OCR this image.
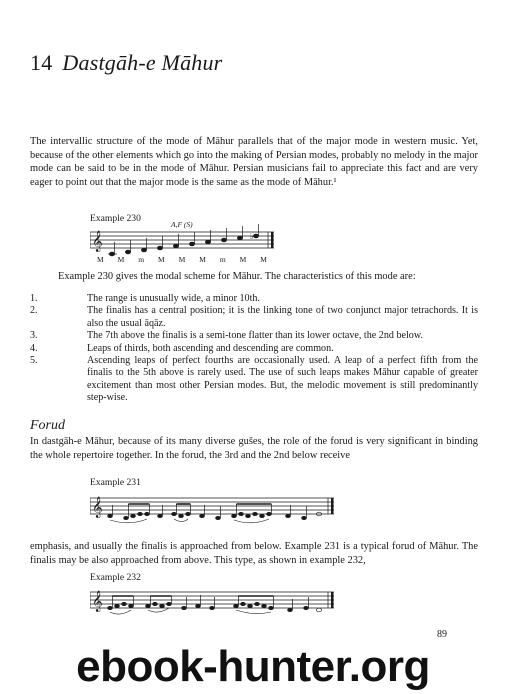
14 Dastgāh-e Māhur

The intervallic structure of the mode of Māhur parallels that of the major mode in western music. Yet, because of the other elements which go into the making of Persian modes, probably no melody in the major mode can be said to be in the mode of Māhur. Persian musicians fail to appreciate this fact and are very eager to point out that the major mode is the same as the mode of Māhur.¹

Example 230

𝄞	♭
A,F (S)
M M m M M M m M M

Example 230 gives the modal scheme for Māhur. The characteristics of this mode are:

1.	The range is unusually wide, a minor 10th.
2.	The finalis has a central position; it is the linking tone of two conjunct major tetrachords. It is also the usual āqāz.
3.	The 7th above the finalis is a semi-tone flatter than its lower octave, the 2nd below.
4.	Leaps of thirds, both ascending and descending are common.
5.	Ascending leaps of perfect fourths are occasionally used. A leap of a perfect fifth from the finalis to the 5th above is rarely used. The use of such leaps makes Māhur capable of greater excitement than most other Persian modes. But, the melodic movement is still predominantly step-wise.
Forud

In dastgāh-e Māhur, because of its many diverse gušes, the role of the forud is very significant in binding the whole repertoire together. In the forud, the 3rd and the 2nd below receive

Example 231

𝄞

emphasis, and usually the finalis is approached from below. Example 231 is a typical forud of Māhur. The finalis may be also approached from above. This type, as shown in example 232,

Example 232

𝄞
89
ebook-hunter.org
